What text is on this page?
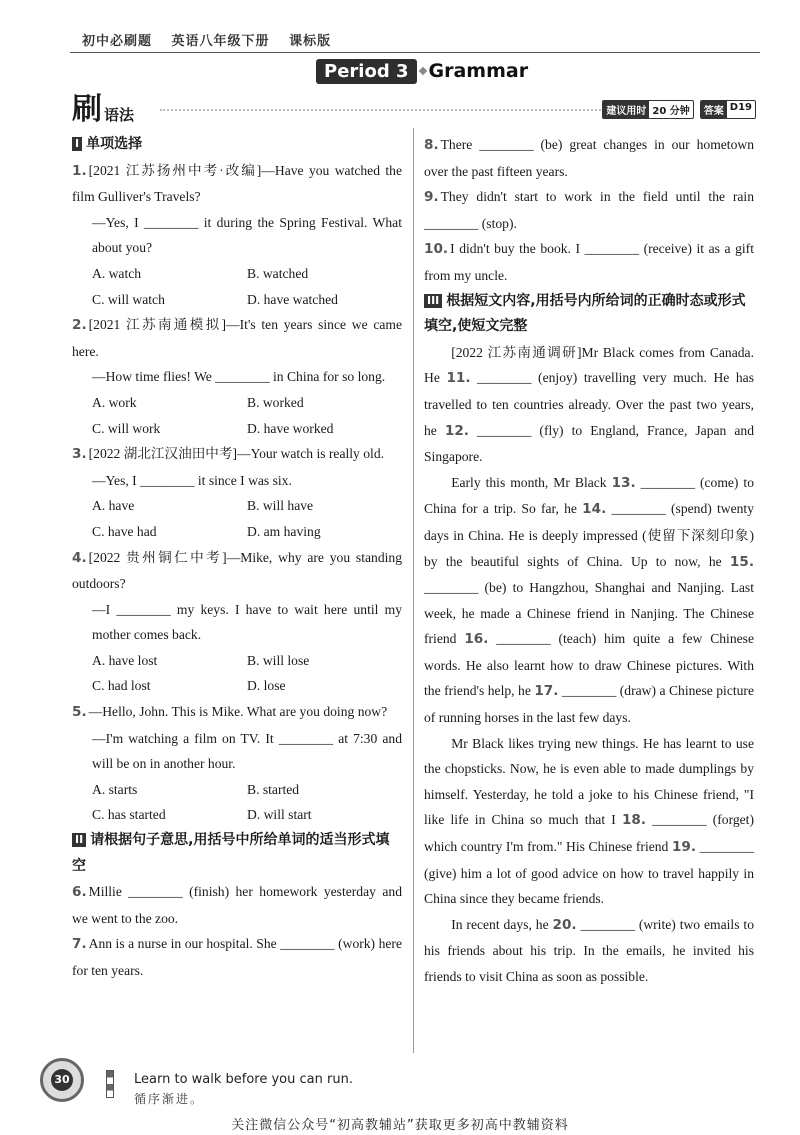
初中必刷题 英语八年级下册 课标版
Period 3	Grammar
刷 语法	建议用时 20 分钟	答案 D19
I 单项选择
1. [2021 江苏扬州中考·改编]—Have you watched the film Gulliver's Travels?
—Yes, I ________ it during the Spring Festival. What about you?
A. watch	B. watched
C. will watch	D. have watched
2. [2021 江苏南通模拟]—It's ten years since we came here.
—How time flies! We ________ in China for so long.
A. work	B. worked
C. will work	D. have worked
3. [2022 湖北江汉油田中考]—Your watch is really old.
—Yes, I ________ it since I was six.
A. have	B. will have
C. have had	D. am having
4. [2022 贵州铜仁中考]—Mike, why are you standing outdoors?
—I ________ my keys. I have to wait here until my mother comes back.
A. have lost	B. will lose
C. had lost	D. lose
5. —Hello, John. This is Mike. What are you doing now?
—I'm watching a film on TV. It ________ at 7:30 and will be on in another hour.
A. starts	B. started
C. has started	D. will start
II 请根据句子意思,用括号中所给单词的适当形式填空
6. Millie ________ (finish) her homework yesterday and we went to the zoo.
7. Ann is a nurse in our hospital. She ________ (work) here for ten years.
8. There ________ (be) great changes in our hometown over the past fifteen years.
9. They didn't start to work in the field until the rain ________ (stop).
10. I didn't buy the book. I ________ (receive) it as a gift from my uncle.
III 根据短文内容,用括号内所给词的正确时态或形式填空,使短文完整
[2022 江苏南通调研]Mr Black comes from Canada. He 11. ________ (enjoy) travelling very much. He has travelled to ten countries already. Over the past two years, he 12. ________ (fly) to England, France, Japan and Singapore.
Early this month, Mr Black 13. ________ (come) to China for a trip. So far, he 14. ________ (spend) twenty days in China. He is deeply impressed (使留下深刻印象) by the beautiful sights of China. Up to now, he 15. ________ (be) to Hangzhou, Shanghai and Nanjing. Last week, he made a Chinese friend in Nanjing. The Chinese friend 16. ________ (teach) him quite a few Chinese words. He also learnt how to draw Chinese pictures. With the friend's help, he 17. ________ (draw) a Chinese picture of running horses in the last few days.
Mr Black likes trying new things. He has learnt to use the chopsticks. Now, he is even able to made dumplings by himself. Yesterday, he told a joke to his Chinese friend, "I like life in China so much that I 18. ________ (forget) which country I'm from." His Chinese friend 19. ________ (give) him a lot of good advice on how to travel happily in China since they became friends.
In recent days, he 20. ________ (write) two emails to his friends about his trip. In the emails, he invited his friends to visit China as soon as possible.
30	Learn to walk before you can run.
循序渐进。
关注微信公众号“初高教辅站”获取更多初高中教辅资料
